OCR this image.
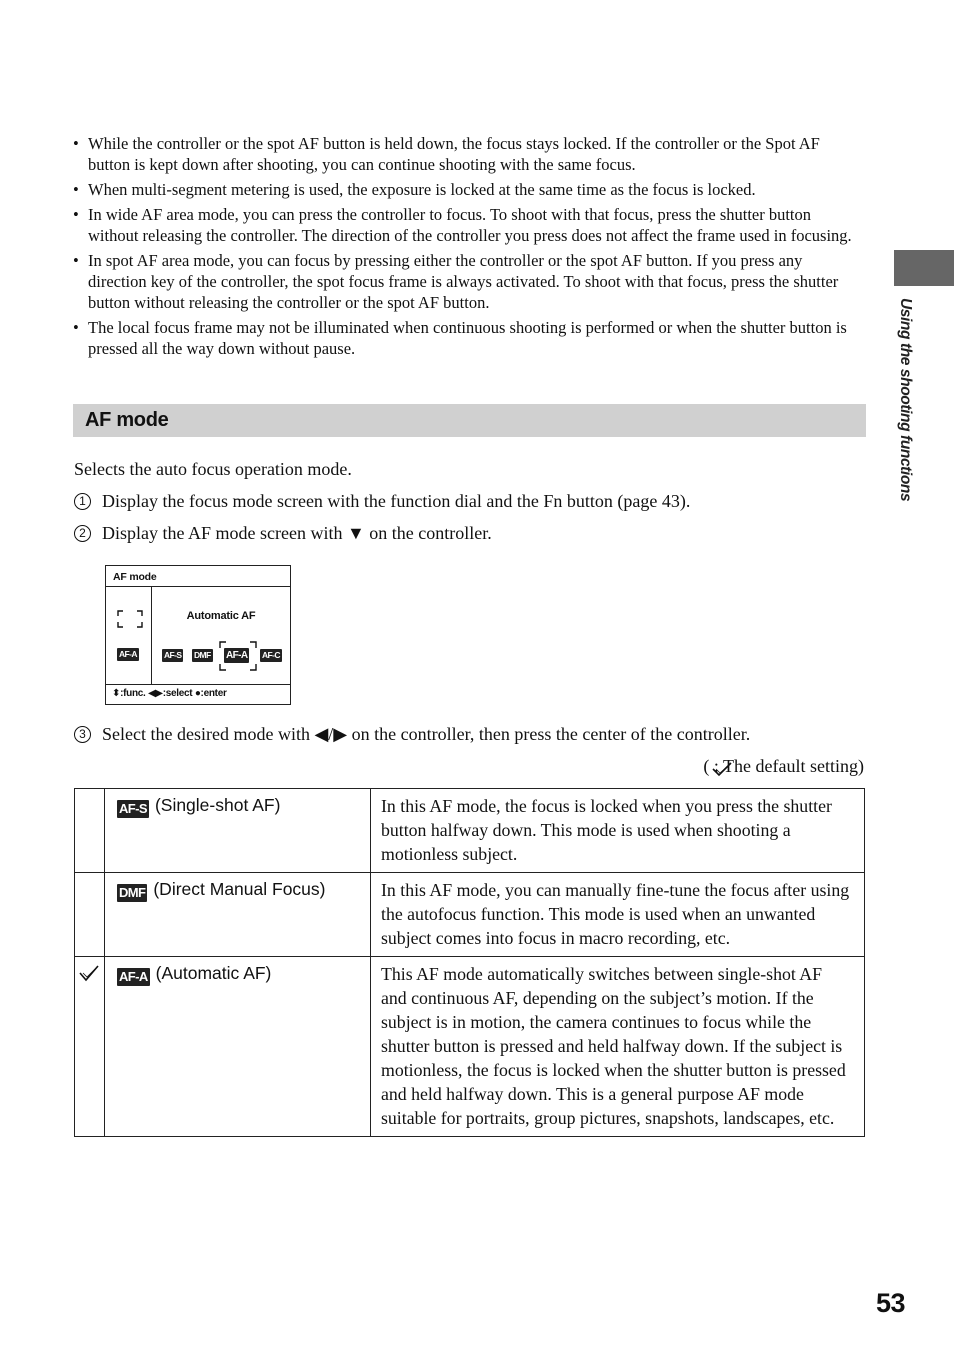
• While the controller or the spot AF button is held down, the focus stays locked. If the controller or the Spot AF button is kept down after shooting, you can continue shooting with the same focus.
• When multi-segment metering is used, the exposure is locked at the same time as the focus is locked.
• In wide AF area mode, you can press the controller to focus. To shoot with that focus, press the shutter button without releasing the controller. The direction of the controller you press does not affect the frame used in focusing.
• In spot AF area mode, you can focus by pressing either the controller or the spot AF button. If you press any direction key of the controller, the spot focus frame is always activated. To shoot with that focus, press the shutter button without releasing the controller or the spot AF button.
• The local focus frame may not be illuminated when continuous shooting is performed or when the shutter button is pressed all the way down without pause.
AF mode
Selects the auto focus operation mode.
1 Display the focus mode screen with the function dial and the Fn button (page 43).
2 Display the AF mode screen with ▼ on the controller.
AF mode
AF-A
Automatic AF
AF-S DMF AF-A AF-C
⬍:func. ◀▶:select ●:enter
3 Select the desired mode with ◀/▶ on the controller, then press the center of the controller.
( : The default setting)
	AF-S (Single-shot AF)	In this AF mode, the focus is locked when you press the shutter button halfway down. This mode is used when shooting a motionless subject.
	DMF (Direct Manual Focus)	In this AF mode, you can manually fine-tune the focus after using the autofocus function. This mode is used when an unwanted subject comes into focus in macro recording, etc.

	AF-A (Automatic AF)	This AF mode automatically switches between single-shot AF and continuous AF, depending on the subject’s motion. If the subject is in motion, the camera continues to focus while the shutter button is pressed and held halfway down. If the subject is motionless, the focus is locked when the shutter button is pressed and held halfway down. This is a general purpose AF mode suitable for portraits, group pictures, snapshots, landscapes, etc.
Using the shooting functions
53
